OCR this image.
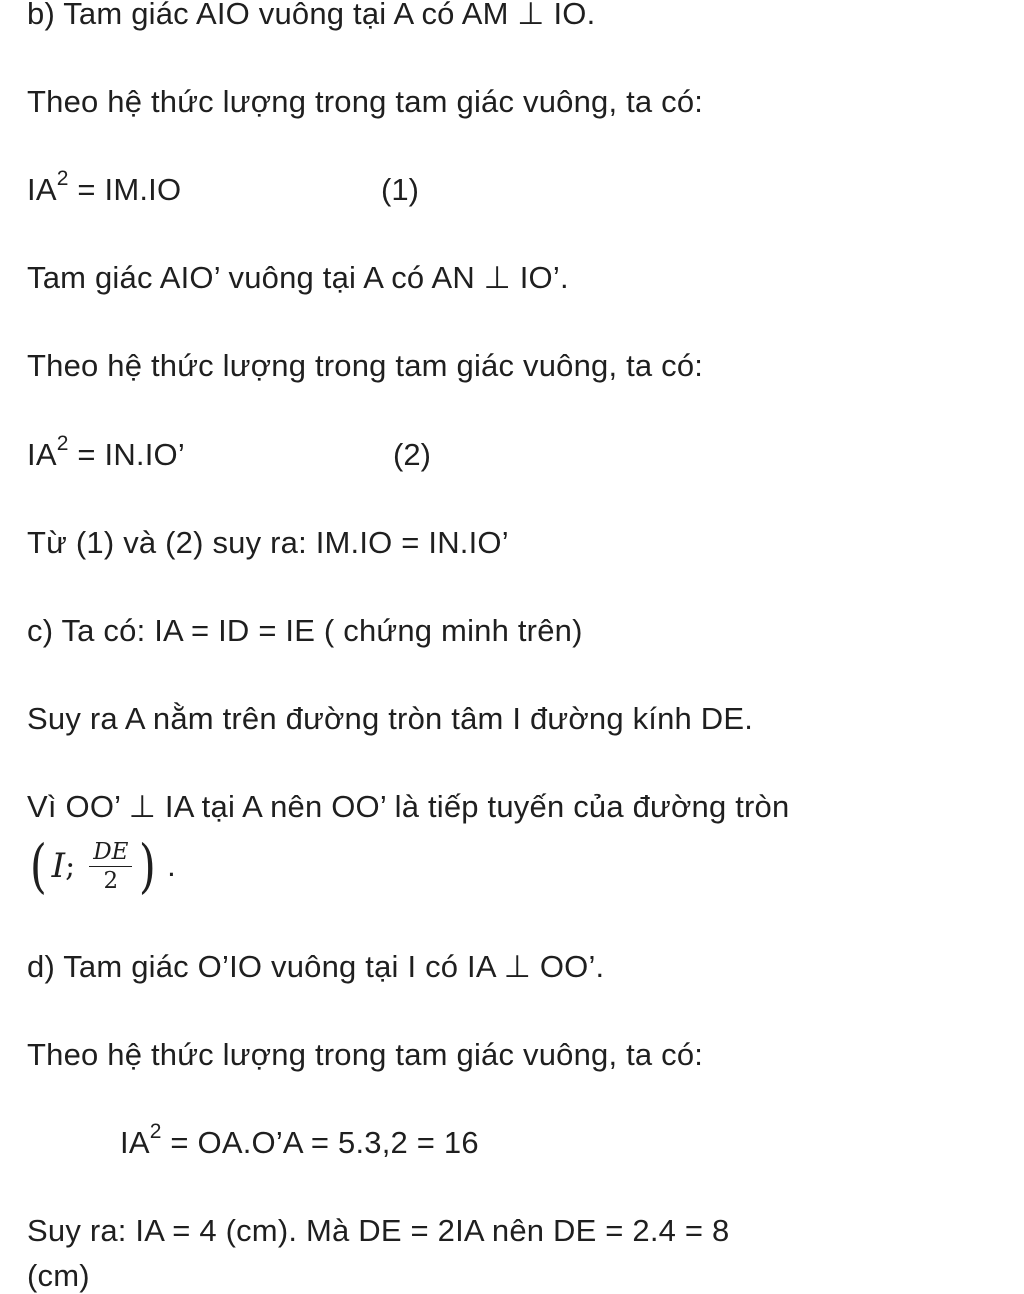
b) Tam giác AIO vuông tại A có AM ⊥ IO.
Theo hệ thức lượng trong tam giác vuông, ta có:
$IA^2 = IM.IO$	(1)
Tam giác AIO’ vuông tại A có AN ⊥ IO’.
Theo hệ thức lượng trong tam giác vuông, ta có:
$IA^2 = IN.IO$’	(2)
Từ (1) và (2) suy ra: IM.IO = IN.IO’
c) Ta có: IA = ID = IE ( chứng minh trên)
Suy ra A nằm trên đường tròn tâm I đường kính DE.
Vì OO’ ⊥ IA tại A nên OO’ là tiếp tuyến của đường tròn
( I ; $\frac{DE}{2}$ ) .
d) Tam giác O’IO vuông tại I có IA ⊥ OO’.
Theo hệ thức lượng trong tam giác vuông, ta có:
$IA^2$ = OA.O’A = 5.3,2 = 16
Suy ra: IA = 4 (cm). Mà DE = 2IA nên DE = 2.4 = 8
(cm)
